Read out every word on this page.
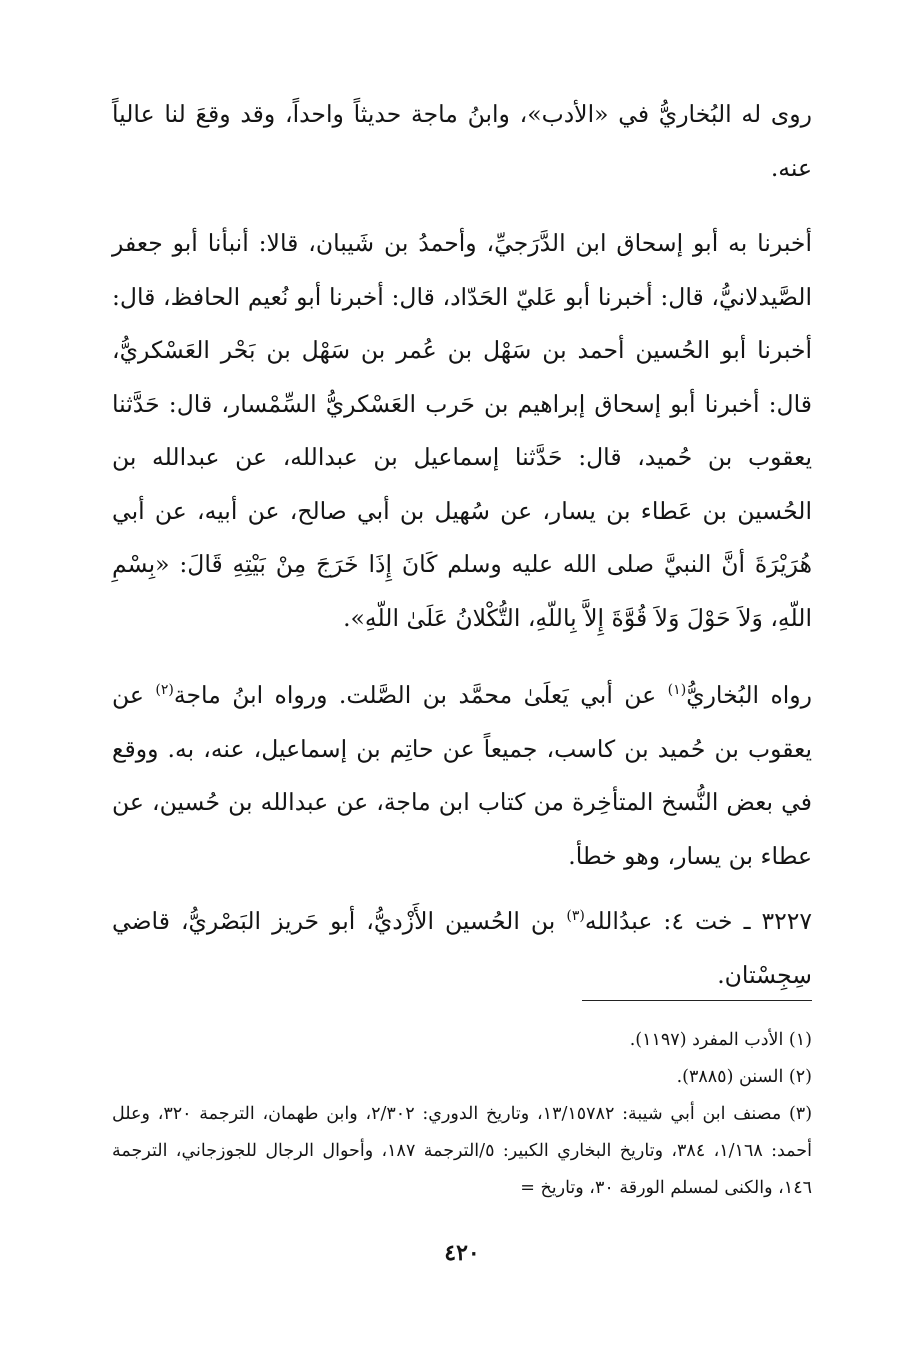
روى له البُخاريُّ في «الأدب»، وابنُ ماجة حديثاً واحداً، وقد وقعَ لنا عالياً عنه.

أخبرنا به أبو إسحاق ابن الدَّرَجيِّ، وأحمدُ بن شَيبان، قالا: أنبأنا أبو جعفر الصَّيدلانيُّ، قال: أخبرنا أبو عَليّ الحَدّاد، قال: أخبرنا أبو نُعيم الحافظ، قال: أخبرنا أبو الحُسين أحمد بن سَهْل بن عُمر بن سَهْل بن بَحْر العَسْكريُّ، قال: أخبرنا أبو إسحاق إبراهيم بن حَرب العَسْكريُّ السِّمْسار، قال: حَدَّثنا يعقوب بن حُميد، قال: حَدَّثنا إسماعيل بن عبدالله، عن عبدالله بن الحُسين بن عَطاء بن يسار، عن سُهيل بن أبي صالح، عن أبيه، عن أبي هُرَيْرَةَ أنَّ النبيَّ صلى الله عليه وسلم كَانَ إِذَا خَرَجَ مِنْ بَيْتِهِ قَالَ: «بِسْمِ اللّهِ، وَلاَ حَوْلَ وَلاَ قُوَّةَ إِلاَّ بِاللّهِ، التُّكْلانُ عَلَىٰ اللّهِ».

رواه البُخاريُّ$^{(١)}$ عن أبي يَعلَىٰ محمَّد بن الصَّلت. ورواه ابنُ ماجة$^{(٢)}$ عن يعقوب بن حُميد بن كاسب، جميعاً عن حاتِم بن إسماعيل، عنه، به. ووقع في بعض النُّسخ المتأخِرة من كتاب ابن ماجة، عن عبدالله بن حُسين، عن عطاء بن يسار، وهو خطأ.

٣٢٢٧ ـ خت ٤: عبدُالله$^{(٣)}$ بن الحُسين الأَزْديُّ، أبو حَريز البَصْريُّ، قاضي سِجِسْتان.

(١) الأدب المفرد (١١٩٧).

(٢) السنن (٣٨٨٥).

(٣) مصنف ابن أبي شيبة: ١٣/١٥٧٨٢، وتاريخ الدوري: ٢/٣٠٢، وابن طهمان، الترجمة ٣٢٠، وعلل أحمد: ١/١٦٨، ٣٨٤، وتاريخ البخاري الكبير: ٥/الترجمة ١٨٧، وأحوال الرجال للجوزجاني، الترجمة ١٤٦، والكنى لمسلم الورقة ٣٠، وتاريخ =

٤٢٠
